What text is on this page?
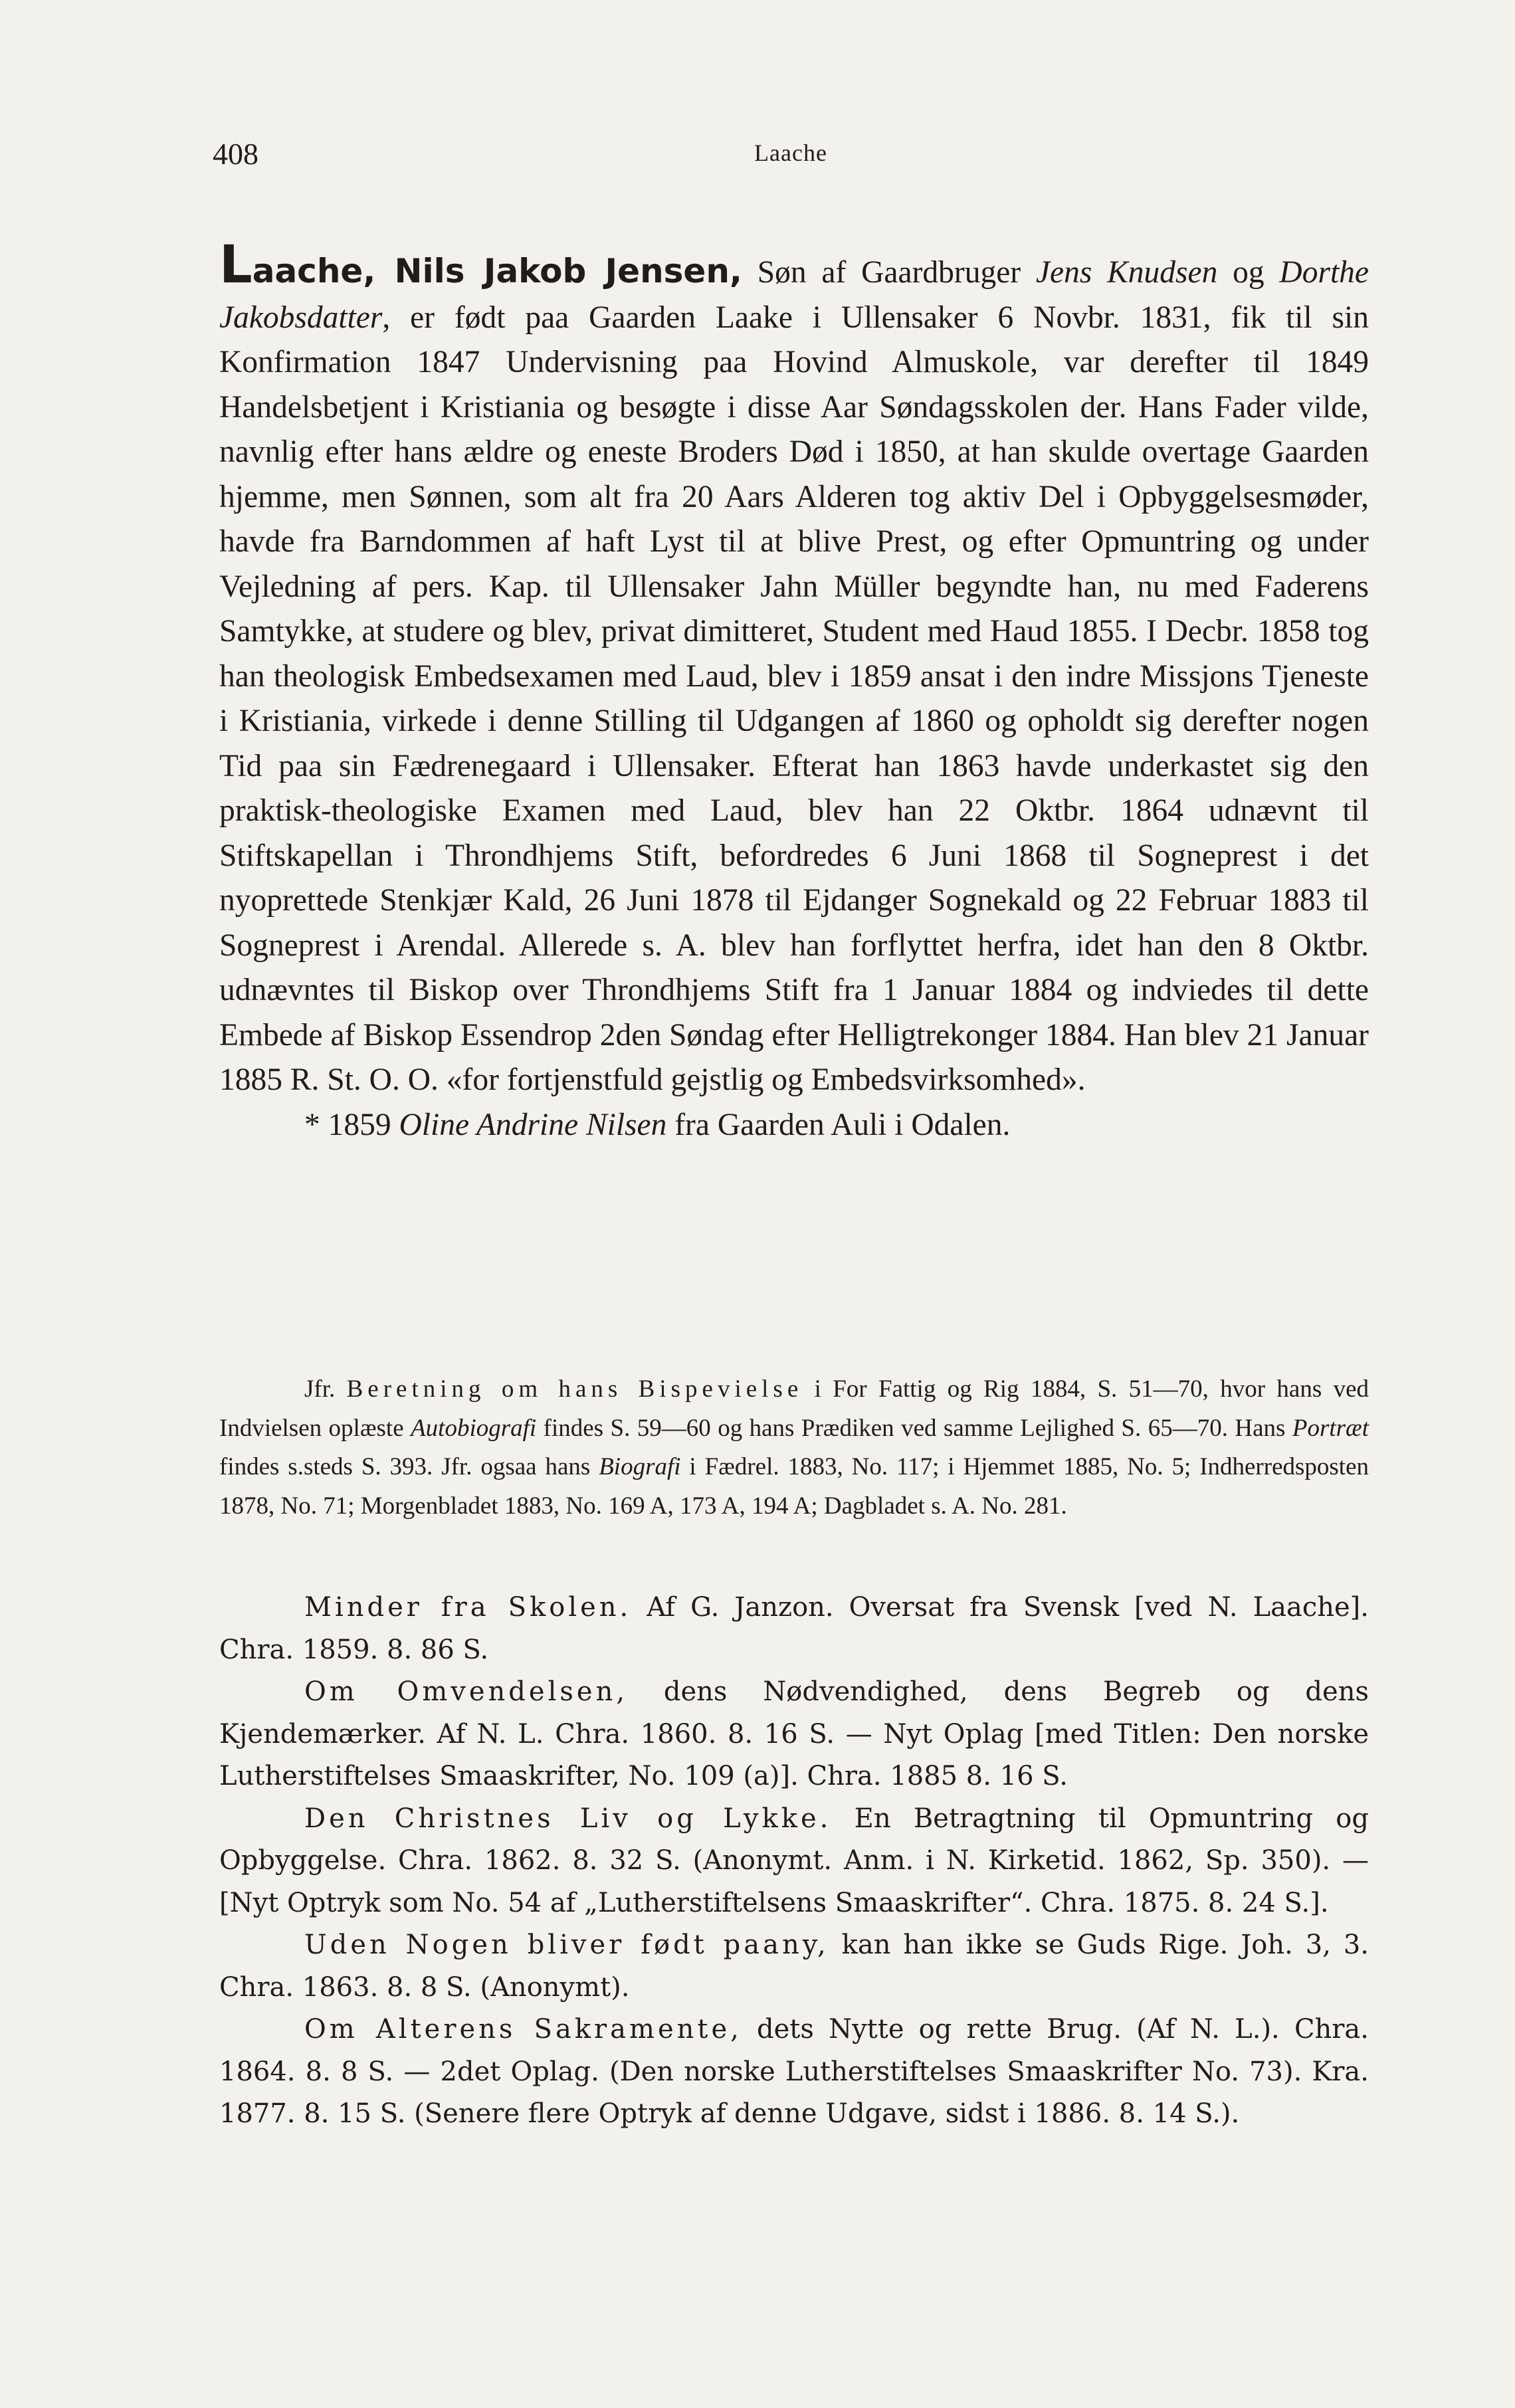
408	Laache

Laache, Nils Jakob Jensen, Søn af Gaardbruger Jens Knudsen og Dorthe Jakobsdatter, er født paa Gaarden Laake i Ullensaker 6 Novbr. 1831, fik til sin Konfirmation 1847 Undervisning paa Hovind Almuskole, var derefter til 1849 Handelsbetjent i Kristiania og besøgte i disse Aar Søndagsskolen der. Hans Fader vilde, navnlig efter hans ældre og eneste Broders Død i 1850, at han skulde overtage Gaarden hjemme, men Sønnen, som alt fra 20 Aars Alderen tog aktiv Del i Opbyggelsesmøder, havde fra Barndommen af haft Lyst til at blive Prest, og efter Opmuntring og under Vejledning af pers. Kap. til Ullensaker Jahn Müller begyndte han, nu med Faderens Samtykke, at studere og blev, privat dimitteret, Student med Haud 1855. I Decbr. 1858 tog han theologisk Embedsexamen med Laud, blev i 1859 ansat i den indre Missjons Tjeneste i Kristiania, virkede i denne Stilling til Udgangen af 1860 og opholdt sig derefter nogen Tid paa sin Fædrenegaard i Ullensaker. Efterat han 1863 havde underkastet sig den praktisk-theologiske Examen med Laud, blev han 22 Oktbr. 1864 udnævnt til Stiftskapellan i Throndhjems Stift, befordredes 6 Juni 1868 til Sogneprest i det nyoprettede Stenkjær Kald, 26 Juni 1878 til Ejdanger Sognekald og 22 Februar 1883 til Sogneprest i Arendal. Allerede s. A. blev han forflyttet herfra, idet han den 8 Oktbr. udnævntes til Biskop over Throndhjems Stift fra 1 Januar 1884 og indviedes til dette Embede af Biskop Essendrop 2den Søndag efter Helligtrekonger 1884. Han blev 21 Januar 1885 R. St. O. O. «for fortjenstfuld gejstlig og Embedsvirksomhed».

* 1859 Oline Andrine Nilsen fra Gaarden Auli i Odalen.

Jfr. Beretning om hans Bispevielse i For Fattig og Rig 1884, S. 51—70, hvor hans ved Indvielsen oplæste Autobiografi findes S. 59—60 og hans Prædiken ved samme Lejlighed S. 65—70. Hans Portræt findes s.steds S. 393. Jfr. ogsaa hans Biografi i Fædrel. 1883, No. 117; i Hjemmet 1885, No. 5; Indherredsposten 1878, No. 71; Morgenbladet 1883, No. 169 A, 173 A, 194 A; Dagbladet s. A. No. 281.

Minder fra Skolen. Af G. Janzon. Oversat fra Svensk [ved N. Laache]. Chra. 1859. 8. 86 S.

Om Omvendelsen, dens Nødvendighed, dens Begreb og dens Kjendemærker. Af N. L. Chra. 1860. 8. 16 S. — Nyt Oplag [med Titlen: Den norske Lutherstiftelses Smaaskrifter, No. 109 (a)]. Chra. 1885 8. 16 S.

Den Christnes Liv og Lykke. En Betragtning til Opmuntring og Opbyggelse. Chra. 1862. 8. 32 S. (Anonymt. Anm. i N. Kirketid. 1862, Sp. 350). — [Nyt Optryk som No. 54 af „Lutherstiftelsens Smaaskrifter“. Chra. 1875. 8. 24 S.].

Uden Nogen bliver født paany, kan han ikke se Guds Rige. Joh. 3, 3. Chra. 1863. 8. 8 S. (Anonymt).

Om Alterens Sakramente, dets Nytte og rette Brug. (Af N. L.). Chra. 1864. 8. 8 S. — 2det Oplag. (Den norske Lutherstiftelses Smaaskrifter No. 73). Kra. 1877. 8. 15 S. (Senere flere Optryk af denne Udgave, sidst i 1886. 8. 14 S.).
